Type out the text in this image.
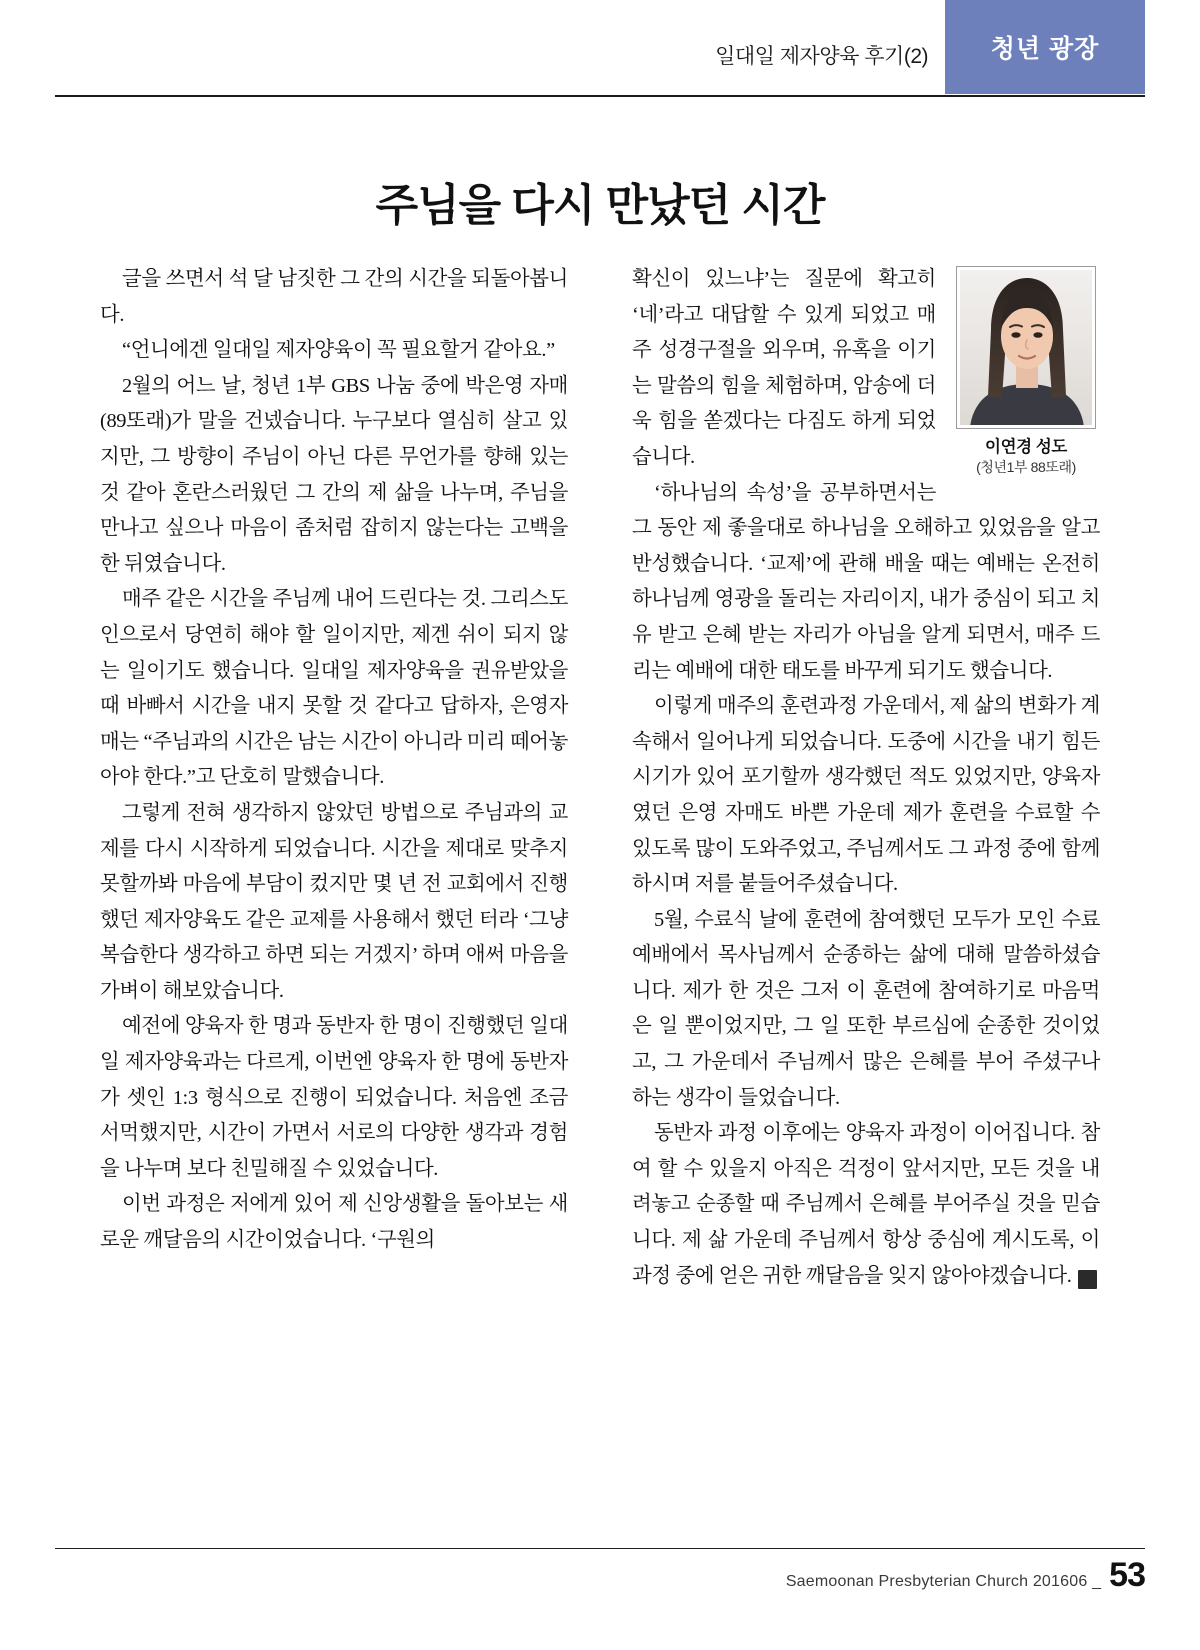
일대일 제자양육 후기(2)	청년 광장
주님을 다시 만났던 시간

글을 쓰면서 석 달 남짓한 그 간의 시간을 되돌아봅니다.

“언니에겐 일대일 제자양육이 꼭 필요할거 같아요.”

2월의 어느 날, 청년 1부 GBS 나눔 중에 박은영 자매(89또래)가 말을 건넸습니다. 누구보다 열심히 살고 있지만, 그 방향이 주님이 아닌 다른 무언가를 향해 있는 것 같아 혼란스러웠던 그 간의 제 삶을 나누며, 주님을 만나고 싶으나 마음이 좀처럼 잡히지 않는다는 고백을 한 뒤였습니다.

매주 같은 시간을 주님께 내어 드린다는 것. 그리스도인으로서 당연히 해야 할 일이지만, 제겐 쉬이 되지 않는 일이기도 했습니다. 일대일 제자양육을 권유받았을 때 바빠서 시간을 내지 못할 것 같다고 답하자, 은영자매는 “주님과의 시간은 남는 시간이 아니라 미리 떼어놓아야 한다.”고 단호히 말했습니다.

그렇게 전혀 생각하지 않았던 방법으로 주님과의 교제를 다시 시작하게 되었습니다. 시간을 제대로 맞추지 못할까봐 마음에 부담이 컸지만 몇 년 전 교회에서 진행했던 제자양육도 같은 교제를 사용해서 했던 터라 ‘그냥 복습한다 생각하고 하면 되는 거겠지’ 하며 애써 마음을 가벼이 해보았습니다.

예전에 양육자 한 명과 동반자 한 명이 진행했던 일대일 제자양육과는 다르게, 이번엔 양육자 한 명에 동반자가 셋인 1:3 형식으로 진행이 되었습니다. 처음엔 조금 서먹했지만, 시간이 가면서 서로의 다양한 생각과 경험을 나누며 보다 친밀해질 수 있었습니다.

이번 과정은 저에게 있어 제 신앙생활을 돌아보는 새로운 깨달음의 시간이었습니다. ‘구원의

이연경 성도
(청년1부 88또래)

확신이 있느냐’는 질문에 확고히 ‘네’라고 대답할 수 있게 되었고 매주 성경구절을 외우며, 유혹을 이기는 말씀의 힘을 체험하며, 암송에 더욱 힘을 쏟겠다는 다짐도 하게 되었습니다.

‘하나님의 속성’을 공부하면서는 그 동안 제 좋을대로 하나님을 오해하고 있었음을 알고 반성했습니다. ‘교제’에 관해 배울 때는 예배는 온전히 하나님께 영광을 돌리는 자리이지, 내가 중심이 되고 치유 받고 은혜 받는 자리가 아님을 알게 되면서, 매주 드리는 예배에 대한 태도를 바꾸게 되기도 했습니다.

이렇게 매주의 훈련과정 가운데서, 제 삶의 변화가 계속해서 일어나게 되었습니다. 도중에 시간을 내기 힘든 시기가 있어 포기할까 생각했던 적도 있었지만, 양육자였던 은영 자매도 바쁜 가운데 제가 훈련을 수료할 수 있도록 많이 도와주었고, 주님께서도 그 과정 중에 함께하시며 저를 붙들어주셨습니다.

5월, 수료식 날에 훈련에 참여했던 모두가 모인 수료예배에서 목사님께서 순종하는 삶에 대해 말씀하셨습니다. 제가 한 것은 그저 이 훈련에 참여하기로 마음먹은 일 뿐이었지만, 그 일 또한 부르심에 순종한 것이었고, 그 가운데서 주님께서 많은 은혜를 부어 주셨구나 하는 생각이 들었습니다.

동반자 과정 이후에는 양육자 과정이 이어집니다. 참여 할 수 있을지 아직은 걱정이 앞서지만, 모든 것을 내려놓고 순종할 때 주님께서 은혜를 부어주실 것을 믿습니다. 제 삶 가운데 주님께서 항상 중심에 계시도록, 이 과정 중에 얻은 귀한 깨달음을 잊지 않아야겠습니다. 새

Saemoonan Presbyterian Church 201606 _ 53
